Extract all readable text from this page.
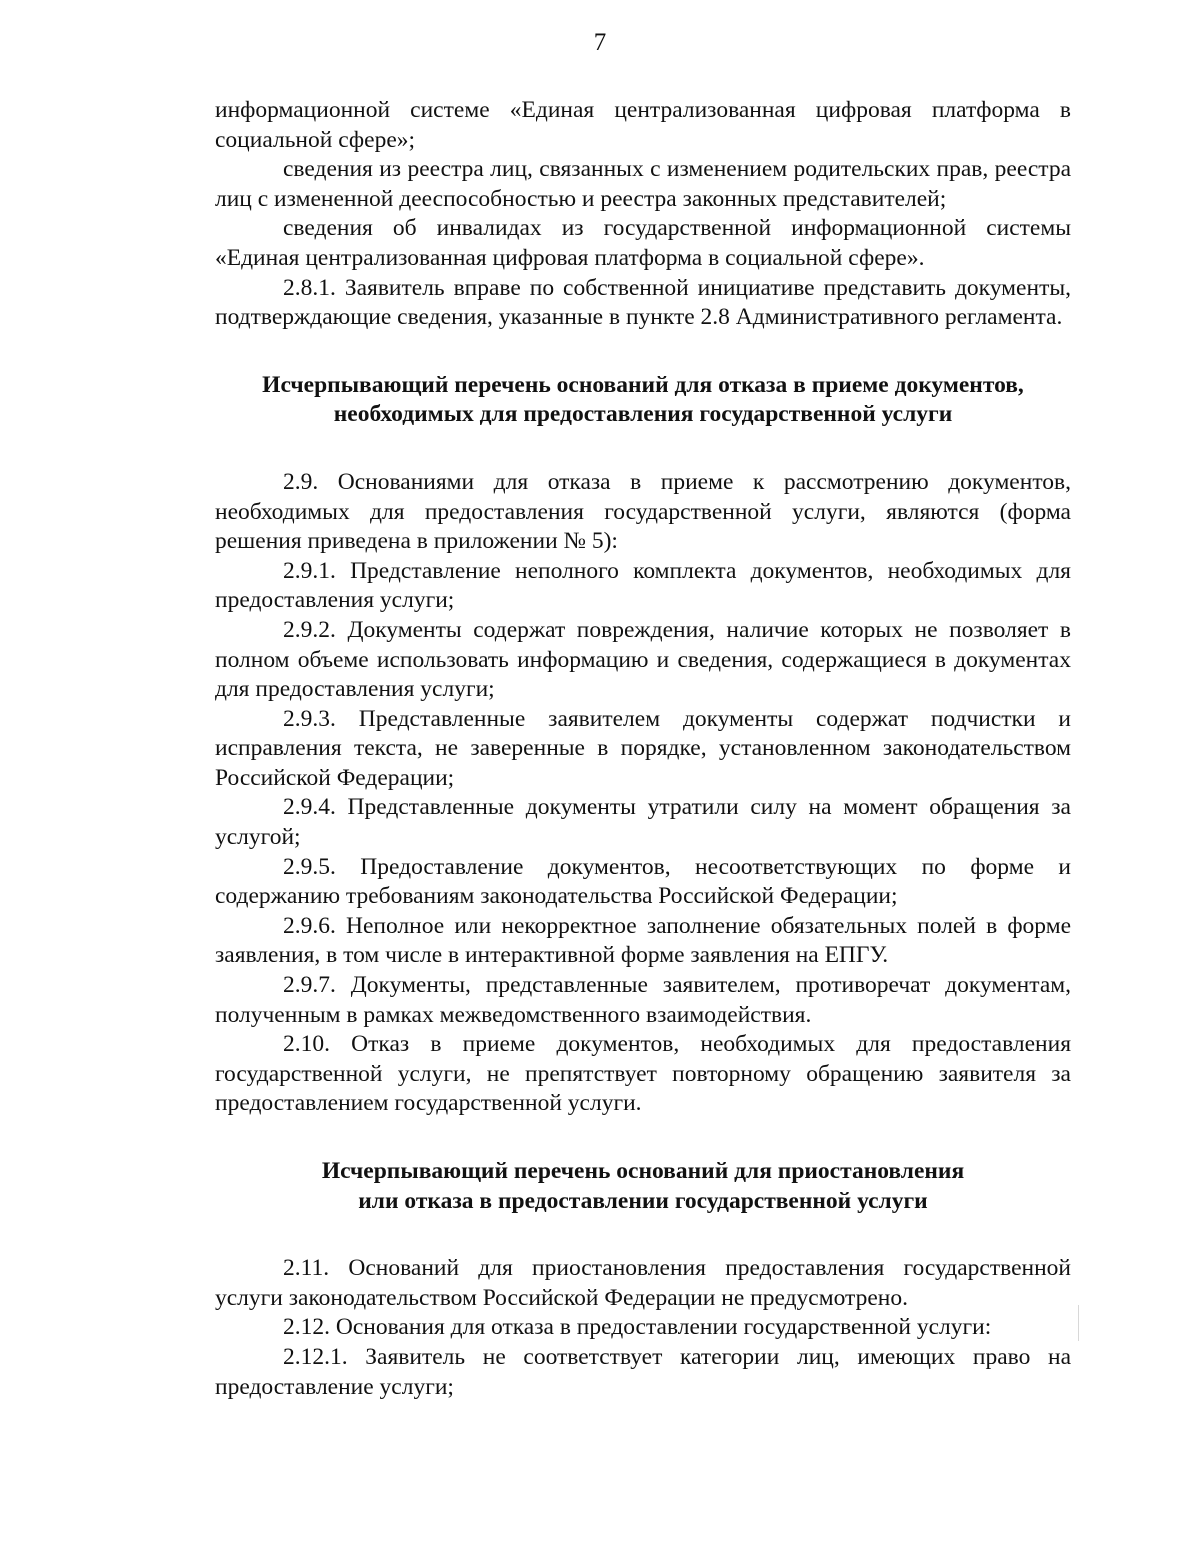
7

информационной системе «Единая централизованная цифровая платформа в социальной сфере»;

сведения из реестра лиц, связанных с изменением родительских прав, реестра лиц с измененной дееспособностью и реестра законных представителей;

сведения об инвалидах из государственной информационной системы «Единая централизованная цифровая платформа в социальной сфере».

2.8.1. Заявитель вправе по собственной инициативе представить документы, подтверждающие сведения, указанные в пункте 2.8 Административного регламента.

Исчерпывающий перечень оснований для отказа в приеме документов,
необходимых для предоставления государственной услуги

2.9. Основаниями для отказа в приеме к рассмотрению документов, необходимых для предоставления государственной услуги, являются (форма решения приведена в приложении № 5):

2.9.1. Представление неполного комплекта документов, необходимых для предоставления услуги;

2.9.2. Документы содержат повреждения, наличие которых не позволяет в полном объеме использовать информацию и сведения, содержащиеся в документах для предоставления услуги;

2.9.3. Представленные заявителем документы содержат подчистки и исправления текста, не заверенные в порядке, установленном законодательством Российской Федерации;

2.9.4. Представленные документы утратили силу на момент обращения за услугой;

2.9.5. Предоставление документов, несоответствующих по форме и содержанию требованиям законодательства Российской Федерации;

2.9.6. Неполное или некорректное заполнение обязательных полей в форме заявления, в том числе в интерактивной форме заявления на ЕПГУ.

2.9.7. Документы, представленные заявителем, противоречат документам, полученным в рамках межведомственного взаимодействия.

2.10. Отказ в приеме документов, необходимых для предоставления государственной услуги, не препятствует повторному обращению заявителя за предоставлением государственной услуги.

Исчерпывающий перечень оснований для приостановления
или отказа в предоставлении государственной услуги

2.11. Оснований для приостановления предоставления государственной услуги законодательством Российской Федерации не предусмотрено.

2.12. Основания для отказа в предоставлении государственной услуги:

2.12.1. Заявитель не соответствует категории лиц, имеющих право на предоставление услуги;
